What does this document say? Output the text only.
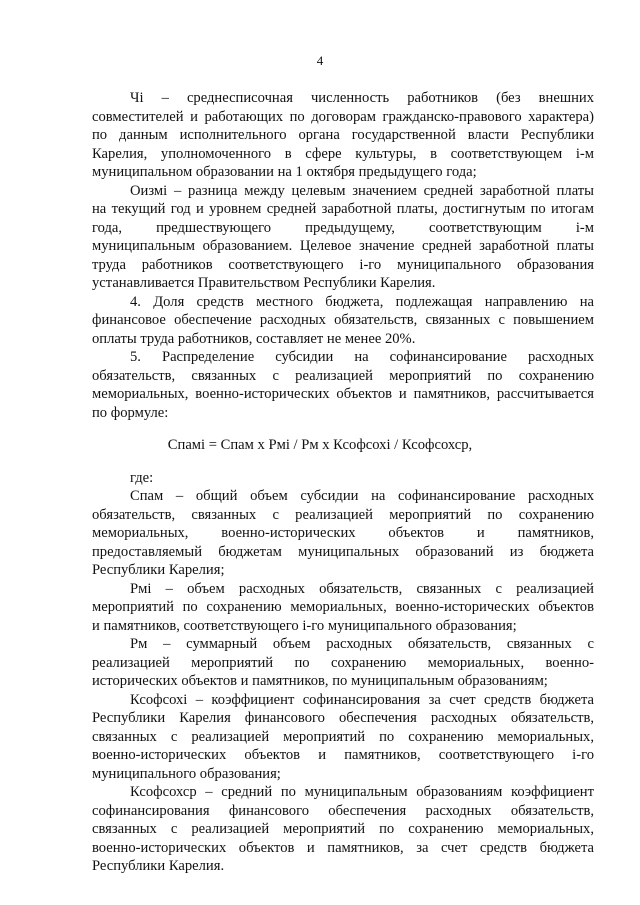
4
Чi – среднесписочная численность работников (без внешних
совместителей и работающих по договорам гражданско-правового характера)
по данным исполнительного органа государственной власти Республики
Карелия, уполномоченного в сфере культуры, в соответствующем i-м
муниципальном образовании на 1 октября предыдущего года;
Оизмi – разница между целевым значением средней заработной платы
на текущий год и уровнем средней заработной платы, достигнутым по итогам
года, предшествующего предыдущему, соответствующим i-м
муниципальным образованием. Целевое значение средней заработной платы
труда работников соответствующего i-го муниципального образования
устанавливается Правительством Республики Карелия.
4. Доля средств местного бюджета, подлежащая направлению на
финансовое обеспечение расходных обязательств, связанных с повышением
оплаты труда работников, составляет не менее 20%.
5. Распределение субсидии на софинансирование расходных
обязательств, связанных с реализацией мероприятий по сохранению
мемориальных, военно-исторических объектов и памятников, рассчитывается
по формуле:
Спамi = Спам х Рмi / Рм х Ксофсохi / Ксофсохср,
где:
Спам – общий объем субсидии на софинансирование расходных
обязательств, связанных с реализацией мероприятий по сохранению
мемориальных, военно-исторических объектов и памятников,
предоставляемый бюджетам муниципальных образований из бюджета
Республики Карелия;
Рмi – объем расходных обязательств, связанных с реализацией
мероприятий по сохранению мемориальных, военно-исторических объектов
и памятников, соответствующего i-го муниципального образования;
Рм – суммарный объем расходных обязательств, связанных с
реализацией мероприятий по сохранению мемориальных, военно-
исторических объектов и памятников, по муниципальным образованиям;
Ксофсохi – коэффициент софинансирования за счет средств бюджета
Республики Карелия финансового обеспечения расходных обязательств,
связанных с реализацией мероприятий по сохранению мемориальных,
военно-исторических объектов и памятников, соответствующего i-го
муниципального образования;
Ксофсохср – средний по муниципальным образованиям коэффициент
софинансирования финансового обеспечения расходных обязательств,
связанных с реализацией мероприятий по сохранению мемориальных,
военно-исторических объектов и памятников, за счет средств бюджета
Республики Карелия.
